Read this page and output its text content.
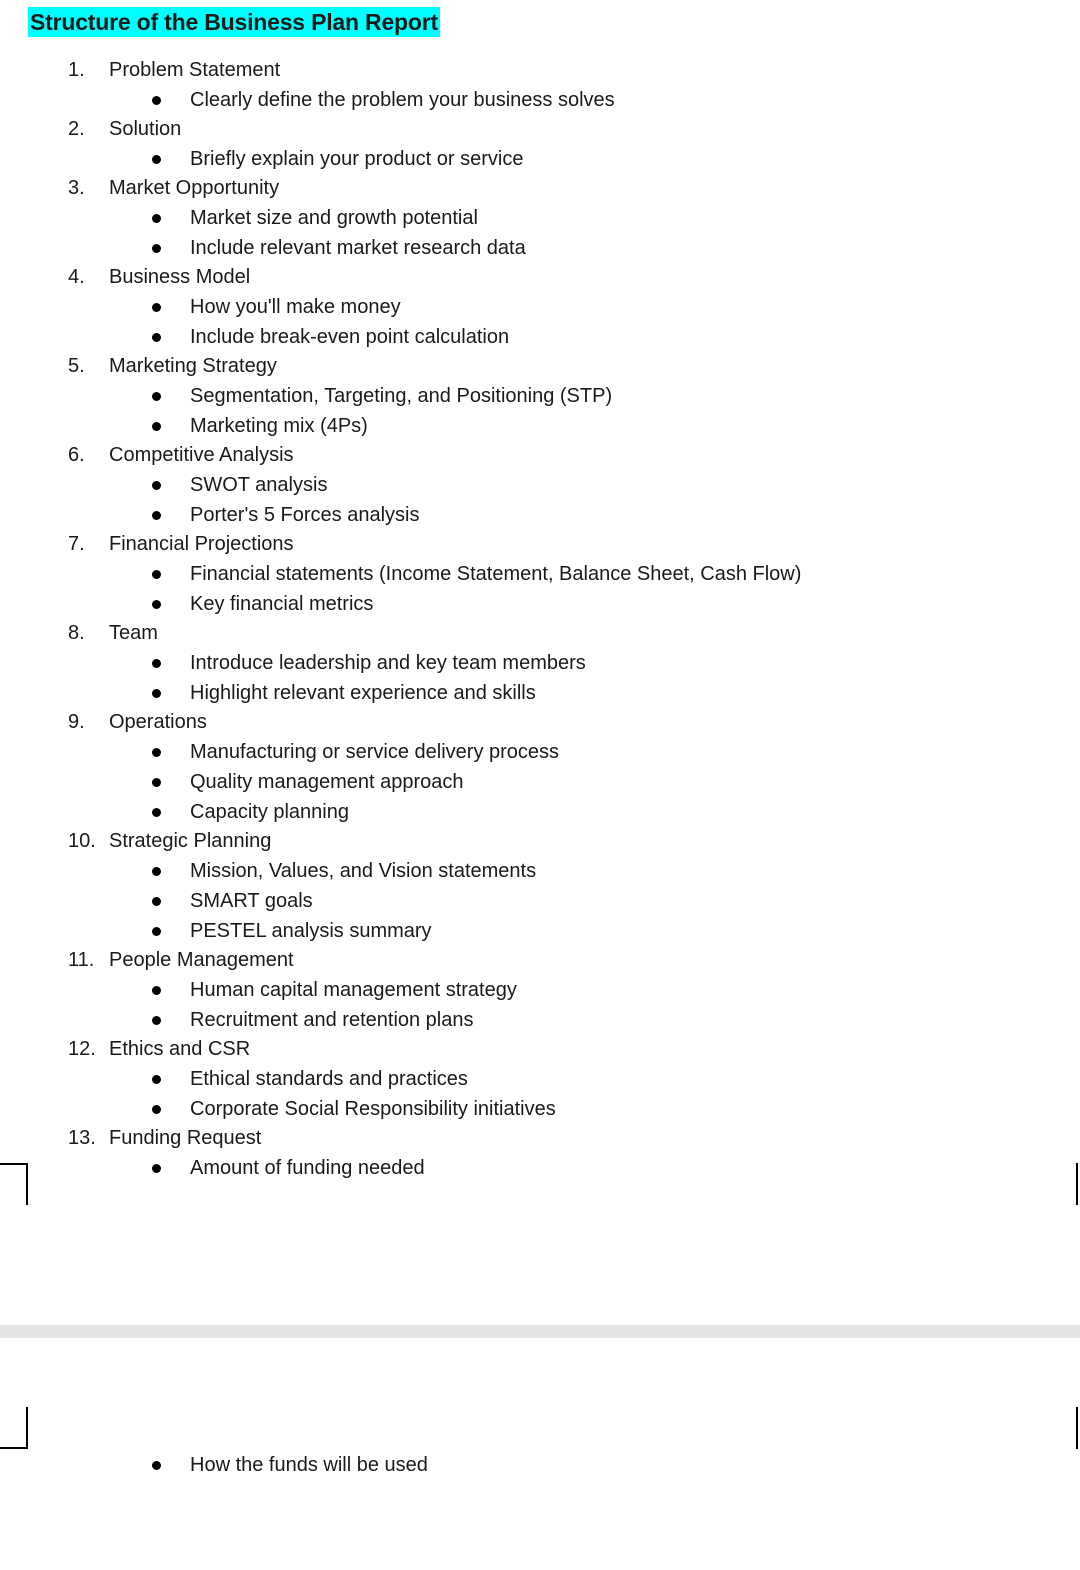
Structure of the Business Plan Report
1. Problem Statement
Clearly define the problem your business solves
2. Solution
Briefly explain your product or service
3. Market Opportunity
Market size and growth potential
Include relevant market research data
4. Business Model
How you'll make money
Include break-even point calculation
5. Marketing Strategy
Segmentation, Targeting, and Positioning (STP)
Marketing mix (4Ps)
6. Competitive Analysis
SWOT analysis
Porter's 5 Forces analysis
7. Financial Projections
Financial statements (Income Statement, Balance Sheet, Cash Flow)
Key financial metrics
8. Team
Introduce leadership and key team members
Highlight relevant experience and skills
9. Operations
Manufacturing or service delivery process
Quality management approach
Capacity planning
10. Strategic Planning
Mission, Values, and Vision statements
SMART goals
PESTEL analysis summary
11. People Management
Human capital management strategy
Recruitment and retention plans
12. Ethics and CSR
Ethical standards and practices
Corporate Social Responsibility initiatives
13. Funding Request
Amount of funding needed
How the funds will be used
